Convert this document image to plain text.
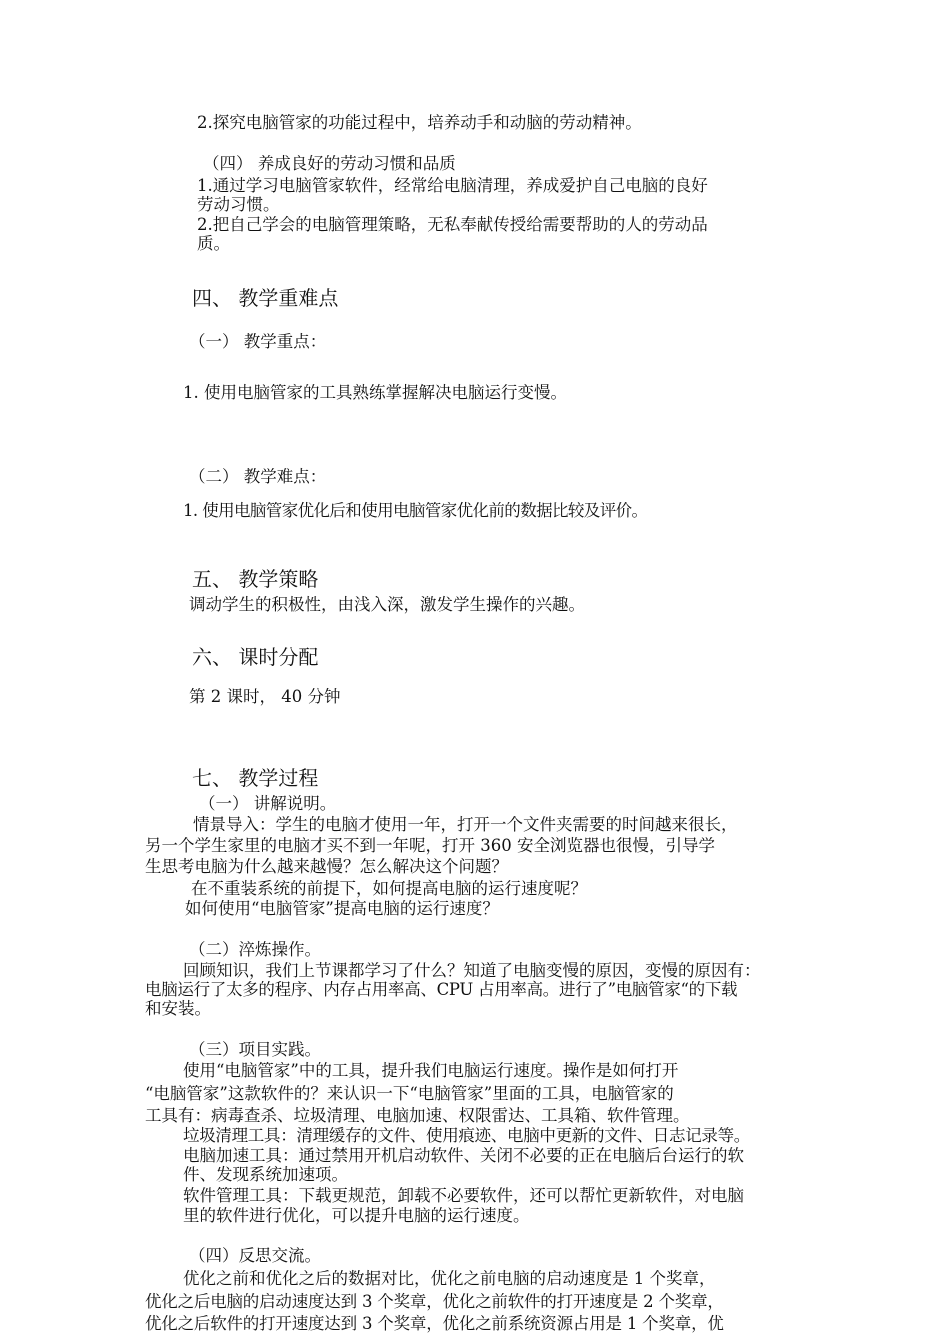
2.探究电脑管家的功能过程中，培养动手和动脑的劳动精神。

（四） 养成良好的劳动习惯和品质

1.通过学习电脑管家软件，经常给电脑清理，养成爱护自己电脑的良好

劳动习惯。

2.把自己学会的电脑管理策略，无私奉献传授给需要帮助的人的劳动品

质。

四、 教学重难点

（一） 教学重点：

1. 使用电脑管家的工具熟练掌握解决电脑运行变慢。

（二） 教学难点：

1. 使用电脑管家优化后和使用电脑管家优化前的数据比较及评价。

五、 教学策略

调动学生的积极性，由浅入深，激发学生操作的兴趣。

六、 课时分配

第 2 课时， 40 分钟

七、 教学过程

（一） 讲解说明。

情景导入：学生的电脑才使用一年，打开一个文件夹需要的时间越来很长，

另一个学生家里的电脑才买不到一年呢，打开 360 安全浏览器也很慢，引导学

生思考电脑为什么越来越慢？怎么解决这个问题？

在不重装系统的前提下，如何提高电脑的运行速度呢？

如何使用“电脑管家”提高电脑的运行速度？

（二）淬炼操作。

回顾知识，我们上节课都学习了什么？知道了电脑变慢的原因，变慢的原因有：

电脑运行了太多的程序、内存占用率高、CPU 占用率高。进行了”电脑管家“的下载

和安装。

（三）项目实践。

使用“电脑管家”中的工具，提升我们电脑运行速度。操作是如何打开

“电脑管家”这款软件的？来认识一下“电脑管家”里面的工具，电脑管家的

工具有：病毒查杀、垃圾清理、电脑加速、权限雷达、工具箱、软件管理。

垃圾清理工具：清理缓存的文件、使用痕迹、电脑中更新的文件、日志记录等。

电脑加速工具：通过禁用开机启动软件、关闭不必要的正在电脑后台运行的软

件、发现系统加速项。

软件管理工具：下载更规范，卸载不必要软件，还可以帮忙更新软件，对电脑

里的软件进行优化，可以提升电脑的运行速度。

（四）反思交流。

优化之前和优化之后的数据对比，优化之前电脑的启动速度是 1 个奖章，

优化之后电脑的启动速度达到 3 个奖章，优化之前软件的打开速度是 2 个奖章，

优化之后软件的打开速度达到 3 个奖章，优化之前系统资源占用是 1 个奖章，优
